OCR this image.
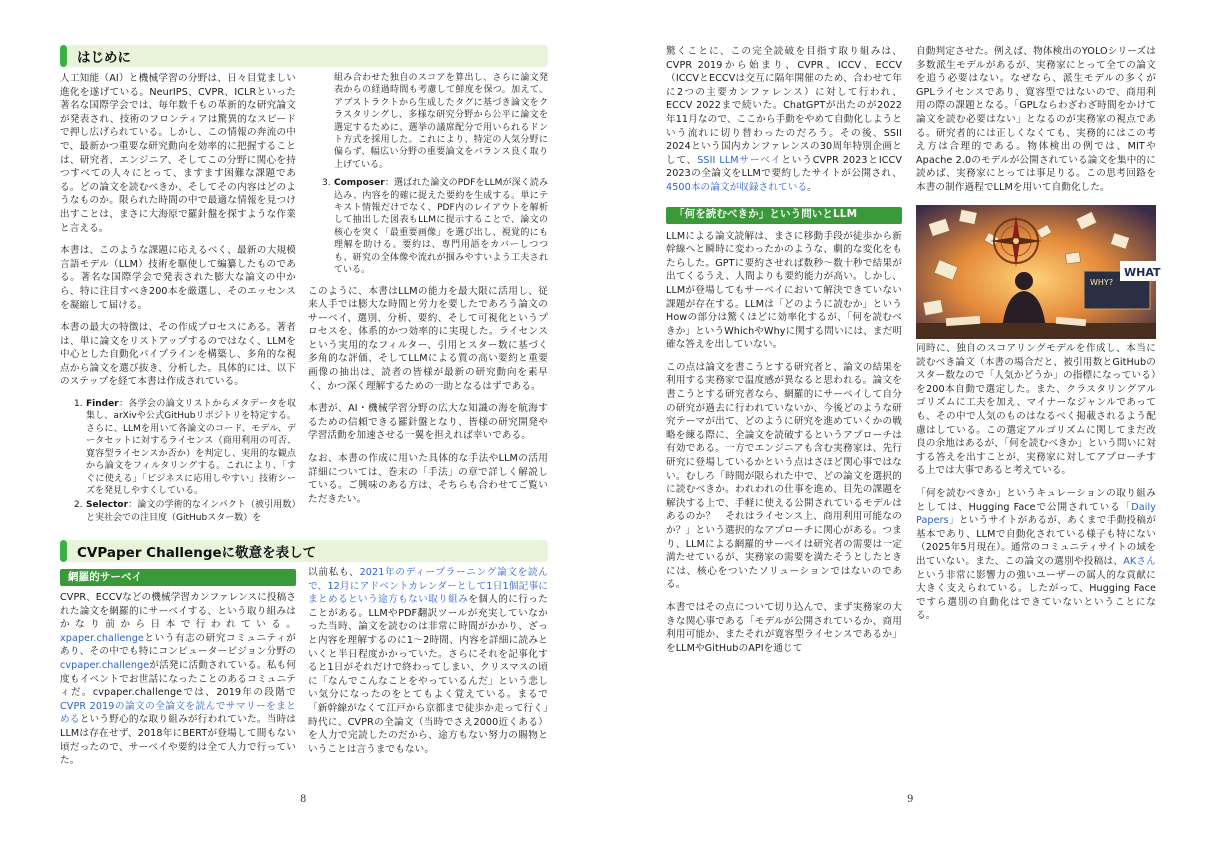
はじめに

人工知能（AI）と機械学習の分野は、日々目覚ましい進化を遂げている。NeurIPS、CVPR、ICLRといった著名な国際学会では、毎年数千もの革新的な研究論文が発表され、技術のフロンティアは驚異的なスピードで押し広げられている。しかし、この情報の奔流の中で、最新かつ重要な研究動向を効率的に把握することは、研究者、エンジニア、そしてこの分野に関心を持つすべての人々にとって、ますます困難な課題である。どの論文を読むべきか、そしてその内容はどのようなものか。限られた時間の中で最適な情報を見つけ出すことは、まさに大海原で羅針盤を探すような作業と言える。

本書は、このような課題に応えるべく、最新の大規模言語モデル（LLM）技術を駆使して編纂したものである。著名な国際学会で発表された膨大な論文の中から、特に注目すべき200本を厳選し、そのエッセンスを凝縮して届ける。

本書の最大の特徴は、その作成プロセスにある。著者は、単に論文をリストアップするのではなく、LLMを中心とした自動化パイプラインを構築し、多角的な視点から論文を選び抜き、分析した。具体的には、以下のステップを経て本書は作成されている。

1. Finder：各学会の論文リストからメタデータを収集し、arXivや公式GitHubリポジトリを特定する。さらに、LLMを用いて各論文のコード、モデル、データセットに対するライセンス（商用利用の可否、寛容型ライセンスか否か）を判定し、実用的な観点から論文をフィルタリングする。これにより、「すぐに使える」「ビジネスに応用しやすい」技術シーズを発見しやすくしている。
2. Selector：論文の学術的なインパクト（被引用数）と実社会での注目度（GitHubスター数）を
組み合わせた独自のスコアを算出し、さらに論文発表からの経過時間も考慮して鮮度を保つ。加えて、アブストラクトから生成したタグに基づき論文をクラスタリングし、多様な研究分野から公平に論文を選定するために、選挙の議席配分で用いられるドント方式を採用した。これにより、特定の人気分野に偏らず、幅広い分野の重要論文をバランス良く取り上げている。
3. Composer：選ばれた論文のPDFをLLMが深く読み込み、内容を的確に捉えた要約を生成する。単にテキスト情報だけでなく、PDF内のレイアウトを解析して抽出した図表もLLMに提示することで、論文の核心を突く「最重要画像」を選び出し、視覚的にも理解を助ける。要約は、専門用語をカバーしつつも、研究の全体像や流れが掴みやすいよう工夫されている。

このように、本書はLLMの能力を最大限に活用し、従来人手では膨大な時間と労力を要したであろう論文のサーベイ、選別、分析、要約、そして可視化というプロセスを、体系的かつ効率的に実現した。ライセンスという実用的なフィルター、引用とスター数に基づく多角的な評価、そしてLLMによる質の高い要約と重要画像の抽出は、読者の皆様が最新の研究動向を素早く、かつ深く理解するための一助となるはずである。

本書が、AI・機械学習分野の広大な知識の海を航海するための信頼できる羅針盤となり、皆様の研究開発や学習活動を加速させる一翼を担えれば幸いである。

なお、本書の作成に用いた具体的な手法やLLMの活用詳細については、巻末の「手法」の章で詳しく解説している。ご興味のある方は、そちらも合わせてご覧いただきたい。

CVPaper Challengeに敬意を表して
網羅的サーベイ

CVPR、ECCVなどの機械学習カンファレンスに投稿された論文を網羅的にサーベイする、という取り組みはかなり前から日本で行われている。xpaper.challengeという有志の研究コミュニティがあり、その中でも特にコンピュータービジョン分野のcvpaper.challengeが活発に活動されている。私も何度もイベントでお世話になったことのあるコミュニティだ。cvpaper.challengeでは、2019年の段階でCVPR 2019の論文の全論文を読んでサマリーをまとめるという野心的な取り組みが行われていた。当時はLLMは存在せず、2018年にBERTが登場して間もない頃だったので、サーベイや要約は全て人力で行っていた。

以前私も、2021年のディープラーニング論文を読んで、12月にアドベントカレンダーとして1日1個記事にまとめるという途方もない取り組みを個人的に行ったことがある。LLMやPDF翻訳ツールが充実していなかった当時、論文を読むのは非常に時間がかかり、ざっと内容を理解するのに1〜2時間、内容を詳細に読みといくと半日程度かかっていた。さらにそれを記事化すると1日がそれだけで終わってしまい、クリスマスの頃に「なんでこんなことをやっているんだ」という悲しい気分になったのをとてもよく覚えている。まるで「新幹線がなくて江戸から京都まで徒歩か走って行く」時代に、CVPRの全論文（当時でさえ2000近くある）を人力で完読したのだから、途方もない努力の賜物ということは言うまでもない。

8

驚くことに、この完全読破を目指す取り組みは、CVPR 2019から始まり、CVPR、ICCV、ECCV（ICCVとECCVは交互に隔年開催のため、合わせて年に2つの主要カンファレンス）に対して行われ、ECCV 2022まで続いた。ChatGPTが出たのが2022年11月なので、ここから手動をやめて自動化しようという流れに切り替わったのだろう。その後、SSII 2024という国内カンファレンスの30周年特別企画として、SSII LLMサーベイというCVPR 2023とICCV 2023の全論文をLLMで要約したサイトが公開され、4500本の論文が収録されている。

「何を読むべきか」という問いとLLM

LLMによる論文読解は、まさに移動手段が徒歩から新幹線へと瞬時に変わったかのような、劇的な変化をもたらした。GPTに要約させれば数秒〜数十秒で結果が出てくるうえ、人間よりも要約能力が高い。しかし、LLMが登場してもサーベイにおいて解決できていない課題が存在する。LLMは「どのように読むか」というHowの部分は驚くほどに効率化するが、「何を読むべきか」というWhichやWhyに関する問いには、まだ明確な答えを出していない。

この点は論文を書こうとする研究者と、論文の結果を利用する実務家で温度感が異なると思われる。論文を書こうとする研究者なら、網羅的にサーベイして自分の研究が過去に行われていないか、今後どのような研究テーマが出て、どのように研究を進めていくかの戦略を練る際に、全論文を読破するというアプローチは有効である。一方でエンジニアも含む実務家は、先行研究に登場しているかという点はさほど関心事ではない。むしろ「時間が限られた中で、どの論文を選択的に読むべきか。われわれの仕事を進め、目先の課題を解決する上で、手軽に使える公開されているモデルはあるのか？　それはライセンス上、商用利用可能なのか？」という選択的なアプローチに関心がある。つまり、LLMによる網羅的サーベイは研究者の需要は一定満たせているが、実務家の需要を満たそうとしたときには、核心をついたソリューションではないのである。

本書ではその点について切り込んで、まず実務家の大きな関心事である「モデルが公開されているか、商用利用可能か、またそれが寛容型ライセンスであるか」をLLMやGitHubのAPIを通じて

自動判定させた。例えば、物体検出のYOLOシリーズは多数派生モデルがあるが、実務家にとって全ての論文を追う必要はない。なぜなら、派生モデルの多くがGPLライセンスであり、寛容型ではないので、商用利用の際の課題となる。「GPLならわざわざ時間をかけて論文を読む必要はない」となるのが実務家の視点である。研究者的には正しくなくても、実務的にはこの考え方は合理的である。物体検出の例では、MITやApache 2.0のモデルが公開されている論文を集中的に読めば、実務家にとっては事足りる。この思考回路を本書の制作過程でLLMを用いて自動化した。

同時に、独自のスコアリングモデルを作成し、本当に読むべき論文（本書の場合だと、被引用数とGitHubのスター数なので「人気かどうか」の指標になっている）を200本自動で選定した。また、クラスタリングアルゴリズムに工夫を加え、マイナーなジャンルであっても、その中で人気のものはなるべく掲載されるよう配慮はしている。この選定アルゴリズムに関してまだ改良の余地はあるが、「何を読むべきか」という問いに対する答えを出すことが、実務家に対してアプローチする上では大事であると考えている。

「何を読むべきか」というキュレーションの取り組みとしては、Hugging Faceで公開されている「Daily Papers」というサイトがあるが、あくまで手動投稿が基本であり、LLMで自動化されている様子も特にない（2025年5月現在）。通常のコミュニティサイトの域を出ていない。また、この論文の選別や投稿は、AKさんという非常に影響力の強いユーザーの属人的な貢献に大きく支えられている。したがって、Hugging Faceですら選別の自動化はできていないということになる。

9
WHY?
WHAT
